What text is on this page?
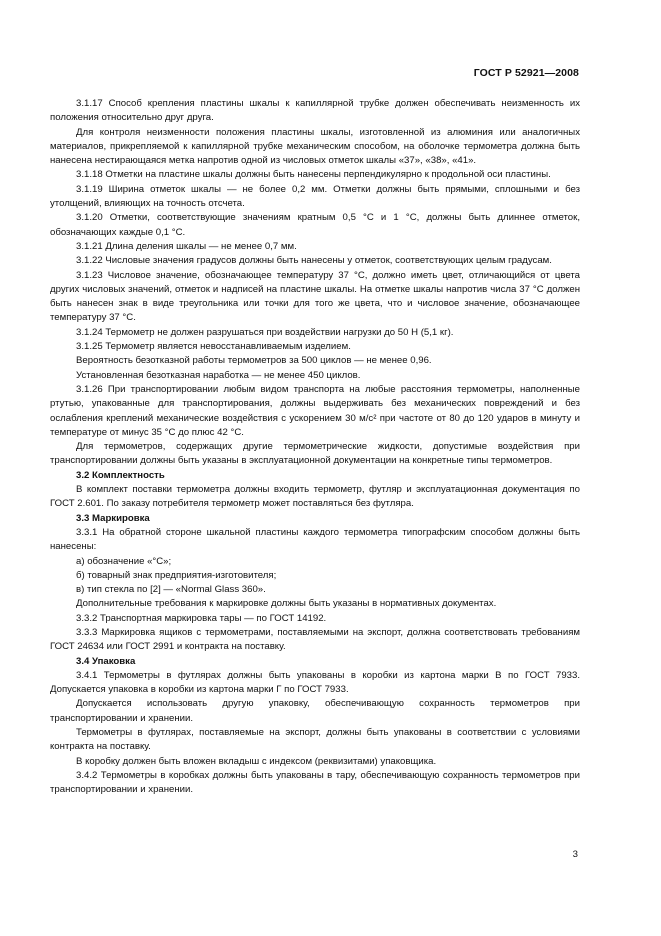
ГОСТ Р 52921—2008

3.1.17 Способ крепления пластины шкалы к капиллярной трубке должен обеспечивать неизменность их положения относительно друг друга.

Для контроля неизменности положения пластины шкалы, изготовленной из алюминия или аналогичных материалов, прикрепляемой к капиллярной трубке механическим способом, на оболочке термометра должна быть нанесена нестирающаяся метка напротив одной из числовых отметок шкалы «37», «38», «41».

3.1.18 Отметки на пластине шкалы должны быть нанесены перпендикулярно к продольной оси пластины.

3.1.19 Ширина отметок шкалы — не более 0,2 мм. Отметки должны быть прямыми, сплошными и без утолщений, влияющих на точность отсчета.

3.1.20 Отметки, соответствующие значениям кратным 0,5 °C и 1 °C, должны быть длиннее отметок, обозначающих каждые 0,1 °C.

3.1.21 Длина деления шкалы — не менее 0,7 мм.

3.1.22 Числовые значения градусов должны быть нанесены у отметок, соответствующих целым градусам.

3.1.23 Числовое значение, обозначающее температуру 37 °C, должно иметь цвет, отличающийся от цвета других числовых значений, отметок и надписей на пластине шкалы. На отметке шкалы напротив числа 37 °C должен быть нанесен знак в виде треугольника или точки для того же цвета, что и числовое значение, обозначающее температуру 37 °C.

3.1.24 Термометр не должен разрушаться при воздействии нагрузки до 50 Н (5,1 кг).

3.1.25 Термометр является невосстанавливаемым изделием.

Вероятность безотказной работы термометров за 500 циклов — не менее 0,96.

Установленная безотказная наработка — не менее 450 циклов.

3.1.26 При транспортировании любым видом транспорта на любые расстояния термометры, наполненные ртутью, упакованные для транспортирования, должны выдерживать без механических повреждений и без ослабления креплений механические воздействия с ускорением 30 м/с² при частоте от 80 до 120 ударов в минуту и температуре от минус 35 °C до плюс 42 °C.

Для термометров, содержащих другие термометрические жидкости, допустимые воздействия при транспортировании должны быть указаны в эксплуатационной документации на конкретные типы термометров.

3.2 Комплектность

В комплект поставки термометра должны входить термометр, футляр и эксплуатационная документация по ГОСТ 2.601. По заказу потребителя термометр может поставляться без футляра.

3.3 Маркировка

3.3.1 На обратной стороне шкальной пластины каждого термометра типографским способом должны быть нанесены:

а) обозначение «°C»;

б) товарный знак предприятия-изготовителя;

в) тип стекла по [2] — «Normal Glass 360».

Дополнительные требования к маркировке должны быть указаны в нормативных документах.

3.3.2 Транспортная маркировка тары — по ГОСТ 14192.

3.3.3 Маркировка ящиков с термометрами, поставляемыми на экспорт, должна соответствовать требованиям ГОСТ 24634 или ГОСТ 2991 и контракта на поставку.

3.4 Упаковка

3.4.1 Термометры в футлярах должны быть упакованы в коробки из картона марки В по ГОСТ 7933. Допускается упаковка в коробки из картона марки Г по ГОСТ 7933.

Допускается использовать другую упаковку, обеспечивающую сохранность термометров при транспортировании и хранении.

Термометры в футлярах, поставляемые на экспорт, должны быть упакованы в соответствии с условиями контракта на поставку.

В коробку должен быть вложен вкладыш с индексом (реквизитами) упаковщика.

3.4.2 Термометры в коробках должны быть упакованы в тару, обеспечивающую сохранность термометров при транспортировании и хранении.

3
